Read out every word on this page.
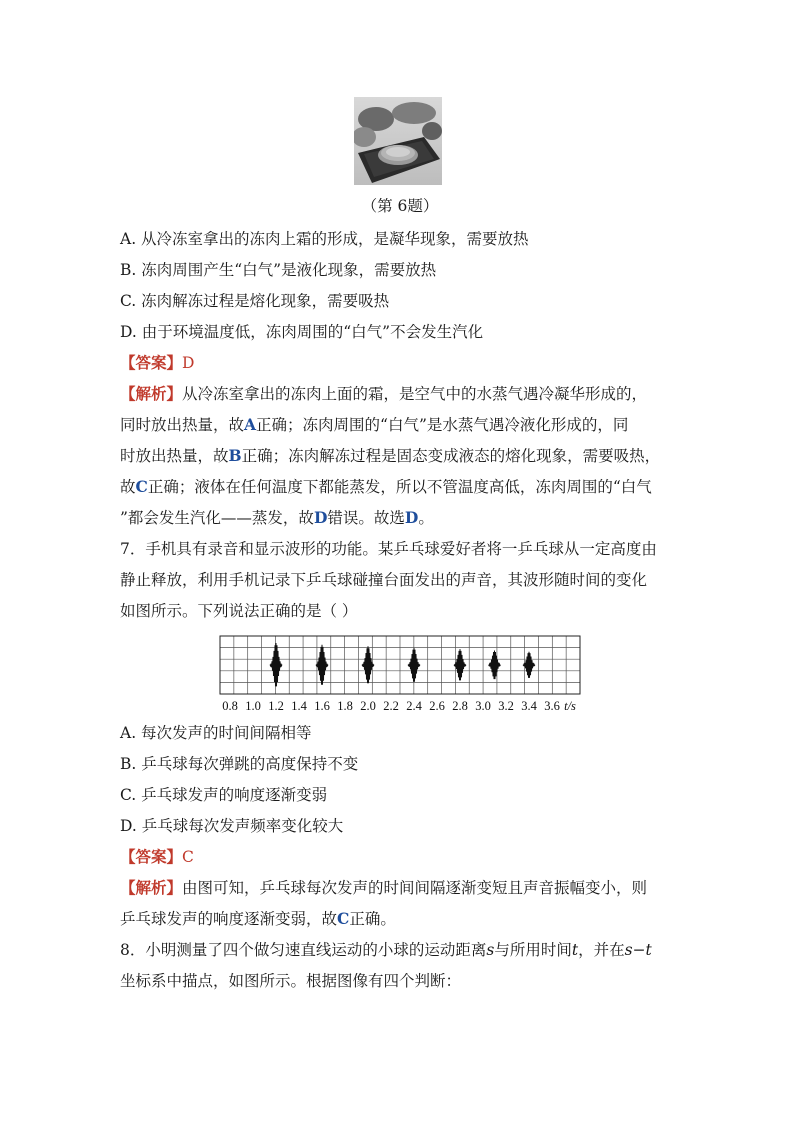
（第 6题）
A. 从冷冻室拿出的冻肉上霜的形成，是凝华现象，需要放热
B. 冻肉周围产生“白气”是液化现象，需要放热
C. 冻肉解冻过程是熔化现象，需要吸热
D. 由于环境温度低，冻肉周围的“白气”不会发生汽化
【答案】D
【解析】从冷冻室拿出的冻肉上面的霜，是空气中的水蒸气遇冷凝华形成的，
同时放出热量，故A正确；冻肉周围的“白气”是水蒸气遇冷液化形成的，同
时放出热量，故B正确；冻肉解冻过程是固态变成液态的熔化现象，需要吸热，
故C正确；液体在任何温度下都能蒸发，所以不管温度高低，冻肉周围的“白气
”都会发生汽化——蒸发，故D错误。故选D。
7．手机具有录音和显示波形的功能。某乒乓球爱好者将一乒乓球从一定高度由
静止释放，利用手机记录下乒乓球碰撞台面发出的声音，其波形随时间的变化
如图所示。下列说法正确的是（ ）
0.8 1.0 1.2 1.4 1.6 1.8 2.0 2.2 2.4 2.6 2.8 3.0 3.2 3.4 3.6 t/s
A. 每次发声的时间间隔相等
B. 乒乓球每次弹跳的高度保持不变
C. 乒乓球发声的响度逐渐变弱
D. 乒乓球每次发声频率变化较大
【答案】C
【解析】由图可知，乒乓球每次发声的时间间隔逐渐变短且声音振幅变小，则
乒乓球发声的响度逐渐变弱，故C正确。
8．小明测量了四个做匀速直线运动的小球的运动距离s与所用时间t，并在s−t
坐标系中描点，如图所示。根据图像有四个判断：
